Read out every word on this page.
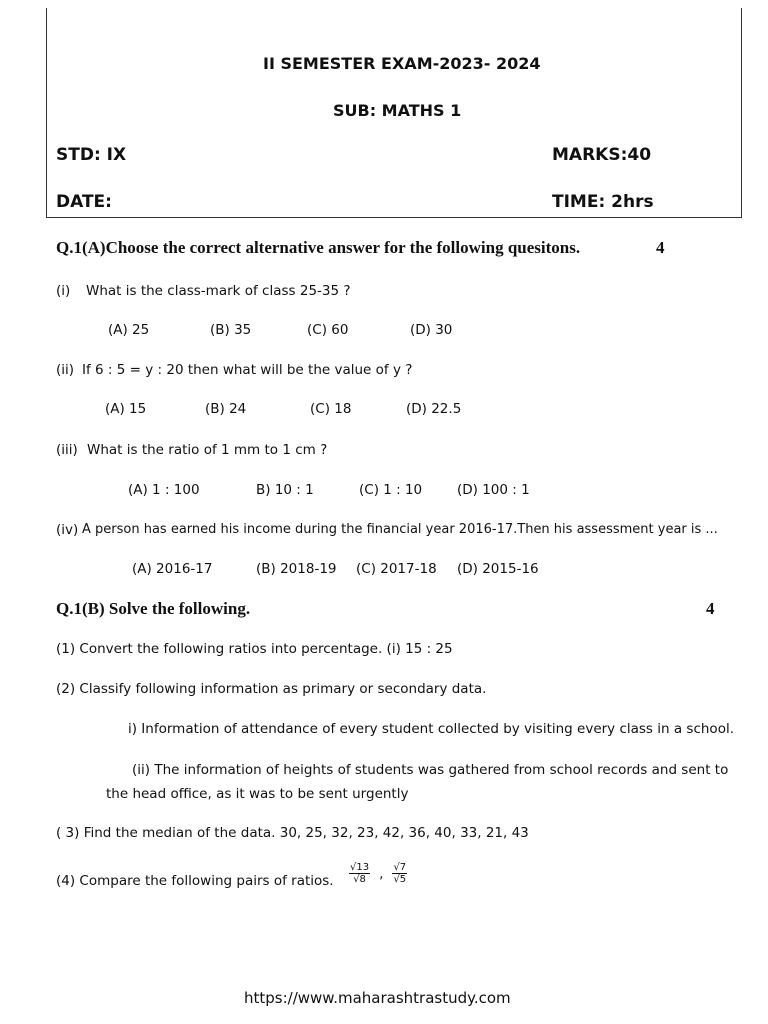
II SEMESTER EXAM-2023- 2024
SUB: MATHS 1
STD: IX	MARKS:40
DATE:	TIME: 2hrs
Q.1(A)Choose the correct alternative answer for the following quesitons.	4
(i) What is the class-mark of class 25-35 ?
(A) 25	(B) 35	(C) 60	(D) 30
(ii) If 6 : 5 = y : 20 then what will be the value of y ?
(A) 15	(B) 24	(C) 18	(D) 22.5
(iii) What is the ratio of 1 mm to 1 cm ?
(A) 1 : 100	B) 10 : 1	(C) 1 : 10	(D) 100 : 1
(iv) A person has earned his income during the financial year 2016-17.Then his assessment year is ...
(A) 2016-17	(B) 2018-19 (C) 2017-18 (D) 2015-16
Q.1(B) Solve the following.	4
(1) Convert the following ratios into percentage. (i) 15 : 25
(2) Classify following information as primary or secondary data.
i) Information of attendance of every student collected by visiting every class in a school.
(ii) The information of heights of students was gathered from school records and sent to
the head office, as it was to be sent urgently
( 3) Find the median of the data. 30, 25, 32, 23, 42, 36, 40, 33, 21, 43
(4) Compare the following pairs of ratios. $\frac{√13}{√8}$ , $\frac{√7}{√5}$
https://www.maharashtrastudy.com
